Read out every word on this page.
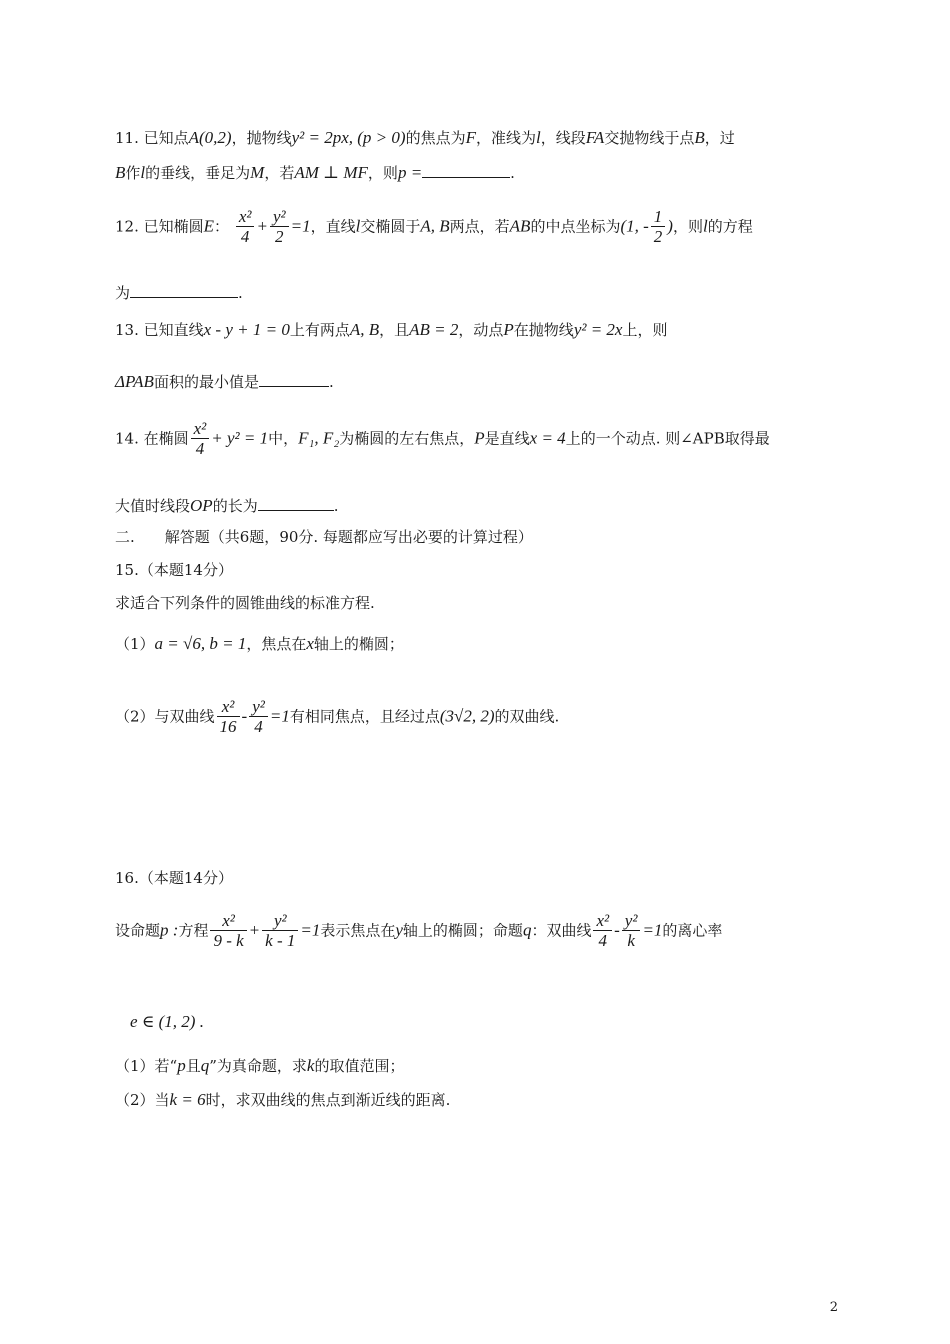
11. 已知点A(0,2)，抛物线y² = 2px, (p > 0)的焦点为F，准线为l，线段FA交抛物线于点B，过
B作l的垂线，垂足为M，若AM ⊥ MF，则p =	.
12. 已知椭圆E： $\frac{\text{x²}}{4} + \frac{\text{y²}}{2} =1$，直线l交椭圆于A, B两点，若AB的中点坐标为(1, - $\frac{1}{2}$ )，则l的方程
为	.
13. 已知直线x - y + 1 = 0上有两点A, B，且AB = 2，动点P在抛物线y² = 2x上，则
ΔPAB面积的最小值是	.
14. 在椭圆 $\frac{\text{x²}}{4} + y^2 = 1$中，F₁, F₂为椭圆的左右焦点，P是直线x = 4上的一个动点. 则∠APB取得最
大值时线段OP的长为	.
二.　　解答题（共6题，90分. 每题都应写出必要的计算过程）
15.（本题14分）
求适合下列条件的圆锥曲线的标准方程.
（1）a = √6, b = 1，焦点在x轴上的椭圆；
（2）与双曲线 $\frac{\text{x²}}{16} - \frac{\text{y²}}{4} =1$有相同焦点，且经过点(3√2, 2)的双曲线.
16.（本题14分）
设命题p :方程 $\frac{\text{x²}}{9 - k} + \frac{\text{y²}}{k - 1} =1$表示焦点在y轴上的椭圆；命题q：双曲线 $\frac{\text{x²}}{4} - \frac{\text{y²}}{k} =1$的离心率
e ∈ (1, 2) .
（1）若“p且q”为真命题，求k的取值范围；
（2）当k = 6时，求双曲线的焦点到渐近线的距离.
2
